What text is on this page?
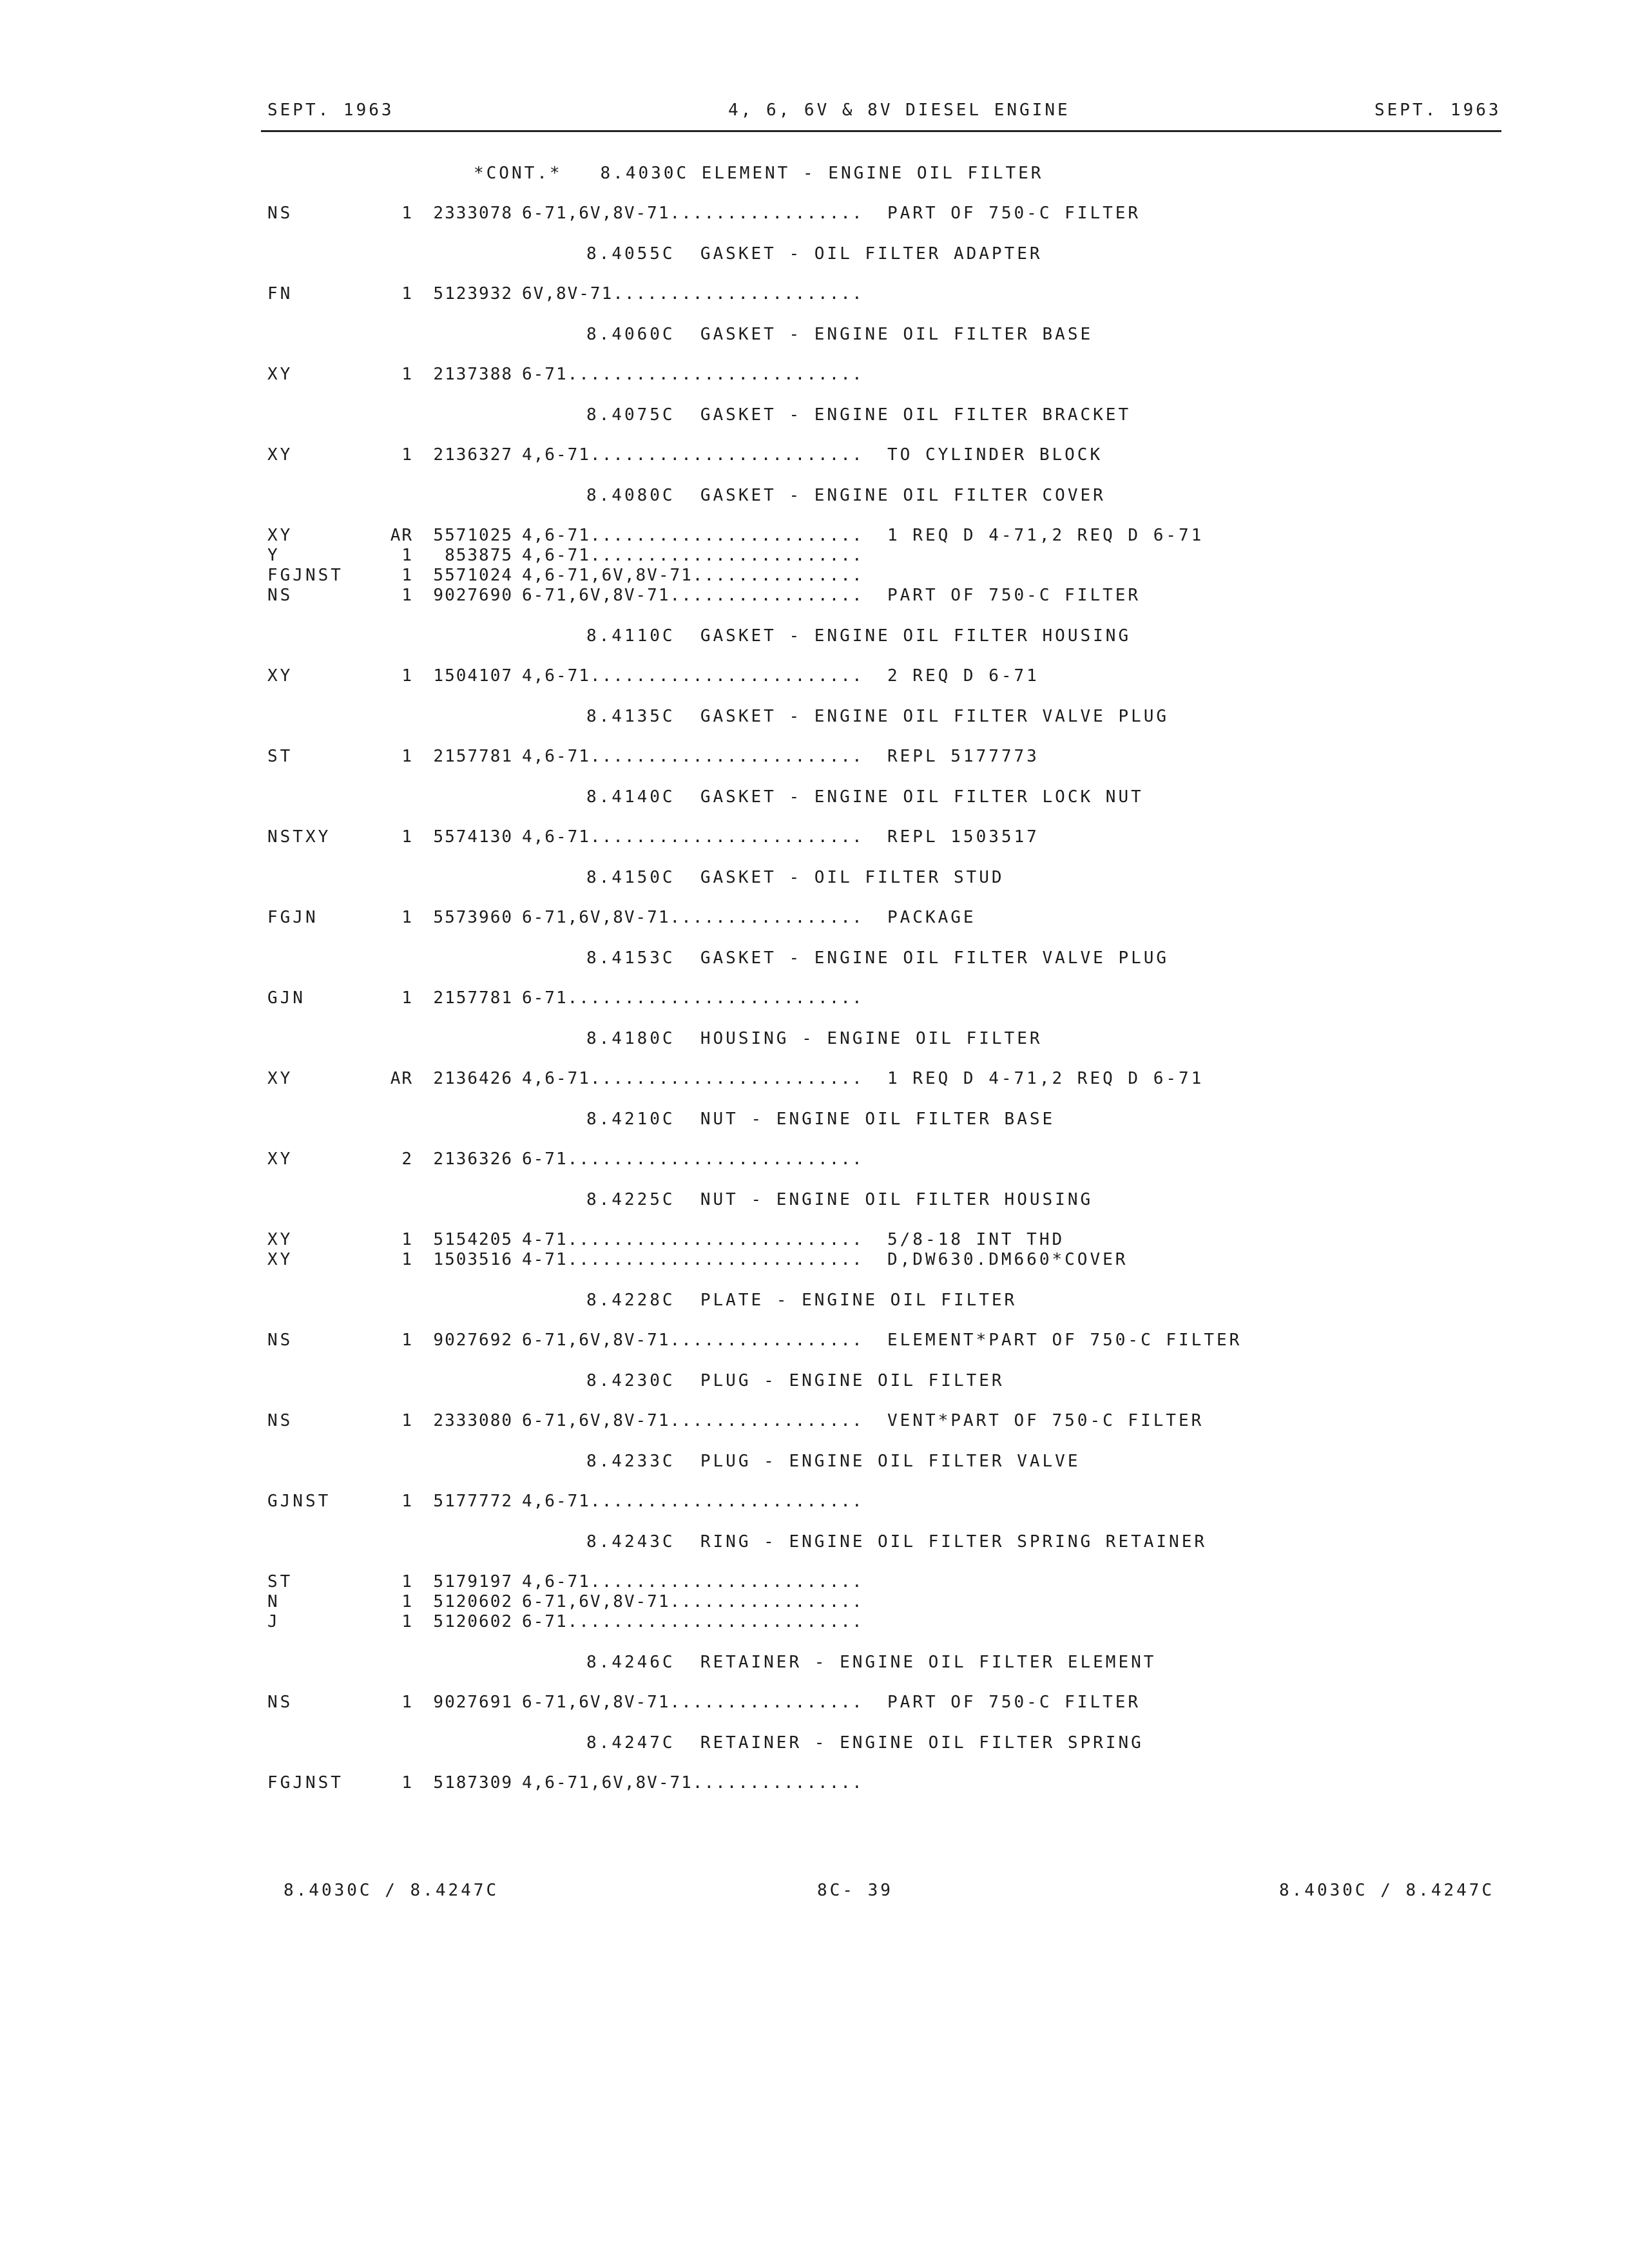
SEPT. 1963	4, 6, 6V & 8V DIESEL ENGINE	SEPT. 1963
*CONT.*   8.4030C ELEMENT - ENGINE OIL FILTER
NS	1	2333078 6-71,6V,8V-71................. PART OF 750-C FILTER
8.4055C  GASKET - OIL FILTER ADAPTER
FN	1	5123932 6V,8V-71......................
8.4060C  GASKET - ENGINE OIL FILTER BASE
XY	1	2137388 6-71..........................
8.4075C  GASKET - ENGINE OIL FILTER BRACKET
XY	1	2136327 4,6-71........................ TO CYLINDER BLOCK
8.4080C  GASKET - ENGINE OIL FILTER COVER
XY	AR	5571025 4,6-71........................ 1 REQ D 4-71,2 REQ D 6-71
Y	1	853875 4,6-71........................
FGJNST	1	5571024 4,6-71,6V,8V-71...............
NS	1	9027690 6-71,6V,8V-71................. PART OF 750-C FILTER
8.4110C  GASKET - ENGINE OIL FILTER HOUSING
XY	1	1504107 4,6-71........................ 2 REQ D 6-71
8.4135C  GASKET - ENGINE OIL FILTER VALVE PLUG
ST	1	2157781 4,6-71........................ REPL 5177773
8.4140C  GASKET - ENGINE OIL FILTER LOCK NUT
NSTXY	1	5574130 4,6-71........................ REPL 1503517
8.4150C  GASKET - OIL FILTER STUD
FGJN	1	5573960 6-71,6V,8V-71................. PACKAGE
8.4153C  GASKET - ENGINE OIL FILTER VALVE PLUG
GJN	1	2157781 6-71..........................
8.4180C  HOUSING - ENGINE OIL FILTER
XY	AR	2136426 4,6-71........................ 1 REQ D 4-71,2 REQ D 6-71
8.4210C  NUT - ENGINE OIL FILTER BASE
XY	2	2136326 6-71..........................
8.4225C  NUT - ENGINE OIL FILTER HOUSING
XY	1	5154205 4-71.......................... 5/8-18 INT THD
XY	1	1503516 4-71.......................... D,DW630.DM660*COVER
8.4228C  PLATE - ENGINE OIL FILTER
NS	1	9027692 6-71,6V,8V-71................. ELEMENT*PART OF 750-C FILTER
8.4230C  PLUG - ENGINE OIL FILTER
NS	1	2333080 6-71,6V,8V-71................. VENT*PART OF 750-C FILTER
8.4233C  PLUG - ENGINE OIL FILTER VALVE
GJNST	1	5177772 4,6-71........................
8.4243C  RING - ENGINE OIL FILTER SPRING RETAINER
ST	1	5179197 4,6-71........................
N	1	5120602 6-71,6V,8V-71.................
J	1	5120602 6-71..........................
8.4246C  RETAINER - ENGINE OIL FILTER ELEMENT
NS	1	9027691 6-71,6V,8V-71................. PART OF 750-C FILTER
8.4247C  RETAINER - ENGINE OIL FILTER SPRING
FGJNST	1	5187309 4,6-71,6V,8V-71...............
8.4030C / 8.4247C	8C- 39	8.4030C / 8.4247C
